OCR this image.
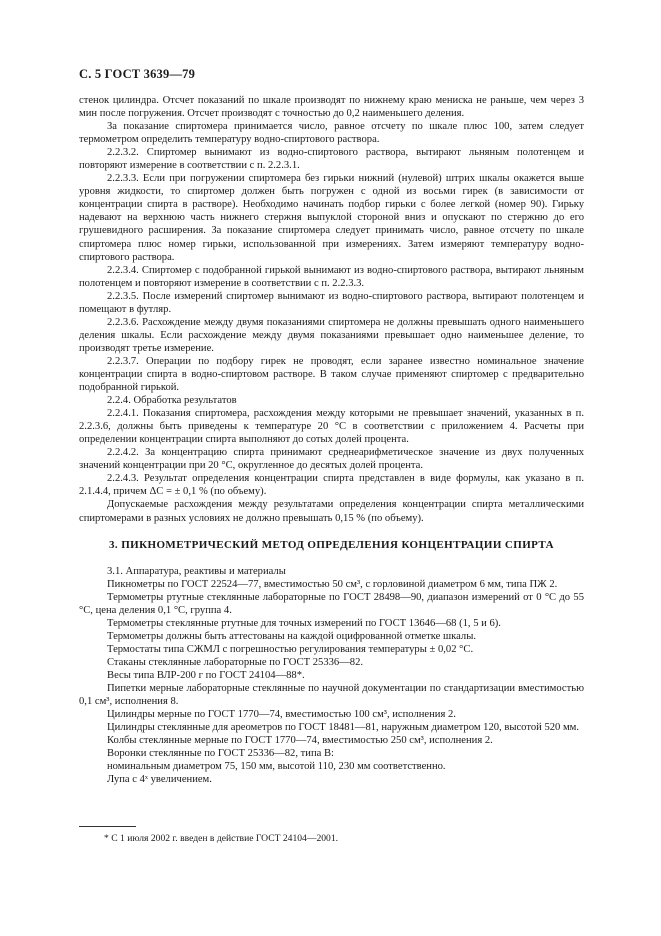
С. 5 ГОСТ 3639—79

стенок цилиндра. Отсчет показаний по шкале производят по нижнему краю мениска не раньше, чем через 3 мин после погружения. Отсчет производят с точностью до 0,2 наименьшего деления.

За показание спиртомера принимается число, равное отсчету по шкале плюс 100, затем следует термометром определить температуру водно-спиртового раствора.

2.2.3.2. Спиртомер вынимают из водно-спиртового раствора, вытирают льняным полотенцем и повторяют измерение в соответствии с п. 2.2.3.1.

2.2.3.3. Если при погружении спиртомера без гирьки нижний (нулевой) штрих шкалы окажется выше уровня жидкости, то спиртомер должен быть погружен с одной из восьми гирек (в зависимости от концентрации спирта в растворе). Необходимо начинать подбор гирьки с более легкой (номер 90). Гирьку надевают на верхнюю часть нижнего стержня выпуклой стороной вниз и опускают по стержню до его грушевидного расширения. За показание спиртомера следует принимать число, равное отсчету по шкале спиртомера плюс номер гирьки, использованной при измерениях. Затем измеряют температуру водно-спиртового раствора.

2.2.3.4. Спиртомер с подобранной гирькой вынимают из водно-спиртового раствора, вытирают льняным полотенцем и повторяют измерение в соответствии с п. 2.2.3.3.

2.2.3.5. После измерений спиртомер вынимают из водно-спиртового раствора, вытирают полотенцем и помещают в футляр.

2.2.3.6. Расхождение между двумя показаниями спиртомера не должны превышать одного наименьшего деления шкалы. Если расхождение между двумя показаниями превышает одно наименьшее деление, то производят третье измерение.

2.2.3.7. Операции по подбору гирек не проводят, если заранее известно номинальное значение концентрации спирта в водно-спиртовом растворе. В таком случае применяют спиртомер с предварительно подобранной гирькой.

2.2.4. Обработка результатов

2.2.4.1. Показания спиртомера, расхождения между которыми не превышает значений, указанных в п. 2.2.3.6, должны быть приведены к температуре 20 °С в соответствии с приложением 4. Расчеты при определении концентрации спирта выполняют до сотых долей процента.

2.2.4.2. За концентрацию спирта принимают среднеарифметическое значение из двух полученных значений концентрации при 20 °С, округленное до десятых долей процента.

2.2.4.3. Результат определения концентрации спирта представлен в виде формулы, как указано в п. 2.1.4.4, причем ΔС = ± 0,1 % (по объему).

Допускаемые расхождения между результатами определения концентрации спирта металлическими спиртомерами в разных условиях не должно превышать 0,15 % (по объему).

3. ПИКНОМЕТРИЧЕСКИЙ МЕТОД ОПРЕДЕЛЕНИЯ КОНЦЕНТРАЦИИ СПИРТА

3.1. Аппаратура, реактивы и материалы

Пикнометры по ГОСТ 22524—77, вместимостью 50 см³, с горловиной диаметром 6 мм, типа ПЖ 2.

Термометры ртутные стеклянные лабораторные по ГОСТ 28498—90, диапазон измерений от 0 °С до 55 °С, цена деления 0,1 °С, группа 4.

Термометры стеклянные ртутные для точных измерений по ГОСТ 13646—68 (1, 5 и 6).

Термометры должны быть аттестованы на каждой оцифрованной отметке шкалы.

Термостаты типа СЖМЛ с погрешностью регулирования температуры ± 0,02 °С.

Стаканы стеклянные лабораторные по ГОСТ 25336—82.

Весы типа ВЛР-200 г по ГОСТ 24104—88*.

Пипетки мерные лабораторные стеклянные по научной документации по стандартизации вместимостью 0,1 см³, исполнения 8.

Цилиндры мерные по ГОСТ 1770—74, вместимостью 100 см³, исполнения 2.

Цилиндры стеклянные для ареометров по ГОСТ 18481—81, наружным диаметром 120, высотой 520 мм.

Колбы стеклянные мерные по ГОСТ 1770—74, вместимостью 250 см³, исполнения 2.

Воронки стеклянные по ГОСТ 25336—82, типа В:

номинальным диаметром 75, 150 мм, высотой 110, 230 мм соответственно.

Лупа с 4ˣ увеличением.

* С 1 июля 2002 г. введен в действие ГОСТ 24104—2001.
